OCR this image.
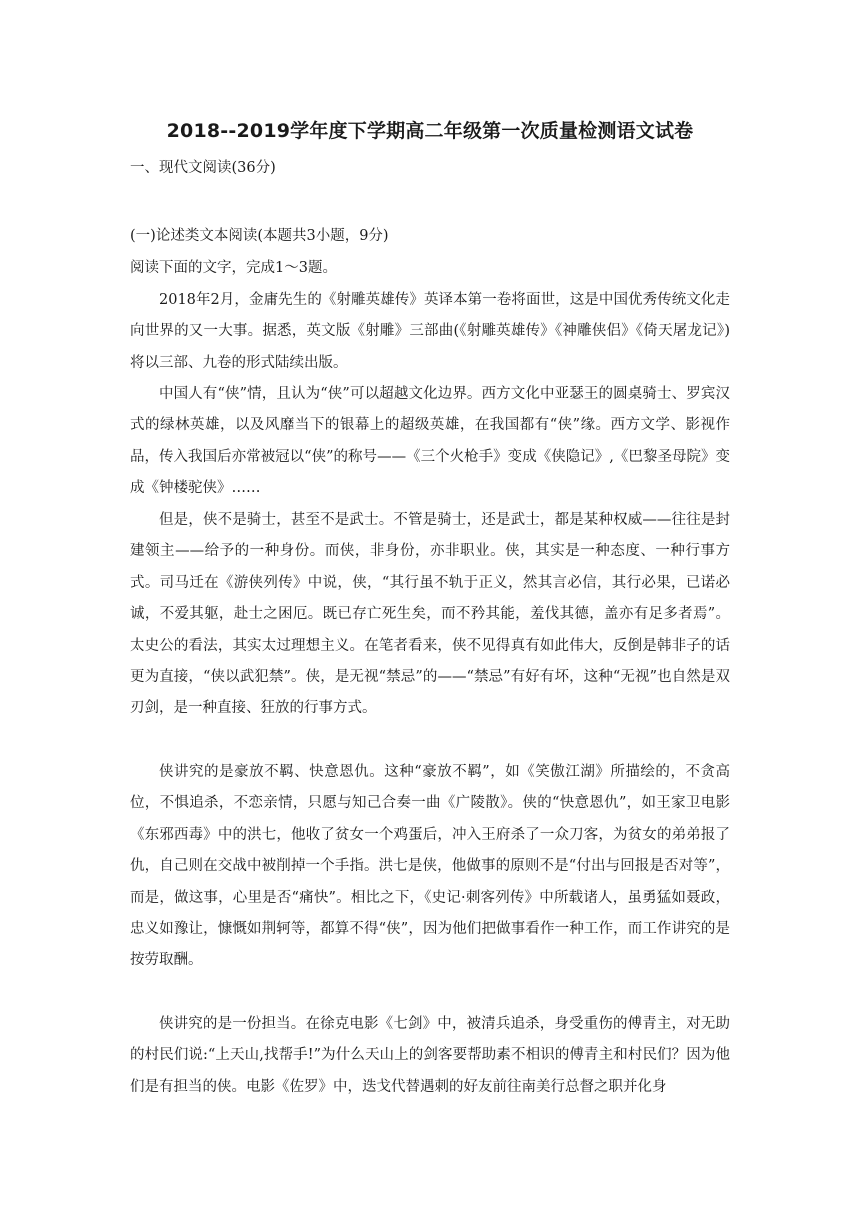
2018--2019学年度下学期高二年级第一次质量检测语文试卷
一、现代文阅读(36分)
(一)论述类文本阅读(本题共3小题，9分)
阅读下面的文字，完成1～3题。
2018年2月，金庸先生的《射雕英雄传》英译本第一卷将面世，这是中国优秀传统文化走向世界的又一大事。据悉，英文版《射雕》三部曲(《射雕英雄传》《神雕侠侣》《倚天屠龙记》)将以三部、九卷的形式陆续出版。
中国人有“侠”情，且认为“侠”可以超越文化边界。西方文化中亚瑟王的圆桌骑士、罗宾汉式的绿林英雄，以及风靡当下的银幕上的超级英雄，在我国都有“侠”缘。西方文学、影视作品，传入我国后亦常被冠以“侠”的称号——《三个火枪手》变成《侠隐记》,《巴黎圣母院》变成《钟楼驼侠》……
但是，侠不是骑士，甚至不是武士。不管是骑士，还是武士，都是某种权威——往往是封建领主——给予的一种身份。而侠，非身份，亦非职业。侠，其实是一种态度、一种行事方式。司马迁在《游侠列传》中说，侠，“其行虽不轨于正义，然其言必信，其行必果，已诺必诚，不爱其躯，赴士之困厄。既已存亡死生矣，而不矜其能，羞伐其德，盖亦有足多者焉”。太史公的看法，其实太过理想主义。在笔者看来，侠不见得真有如此伟大，反倒是韩非子的话更为直接，“侠以武犯禁”。侠，是无视“禁忌”的——“禁忌”有好有坏，这种“无视”也自然是双刃剑，是一种直接、狂放的行事方式。
侠讲究的是豪放不羁、快意恩仇。这种“豪放不羁”，如《笑傲江湖》所描绘的，不贪高位，不惧追杀，不恋亲情，只愿与知己合奏一曲《广陵散》。侠的“快意恩仇”，如王家卫电影《东邪西毒》中的洪七，他收了贫女一个鸡蛋后，冲入王府杀了一众刀客，为贫女的弟弟报了仇，自己则在交战中被削掉一个手指。洪七是侠，他做事的原则不是“付出与回报是否对等”，而是，做这事，心里是否“痛快”。相比之下，《史记·刺客列传》中所载诸人，虽勇猛如聂政，忠义如豫让，慷慨如荆轲等，都算不得“侠”，因为他们把做事看作一种工作，而工作讲究的是按劳取酬。
侠讲究的是一份担当。在徐克电影《七剑》中，被清兵追杀，身受重伤的傅青主，对无助的村民们说:“上天山,找帮手!”为什么天山上的剑客要帮助素不相识的傅青主和村民们？因为他们是有担当的侠。电影《佐罗》中，迭戈代替遇刺的好友前往南美行总督之职并化身
